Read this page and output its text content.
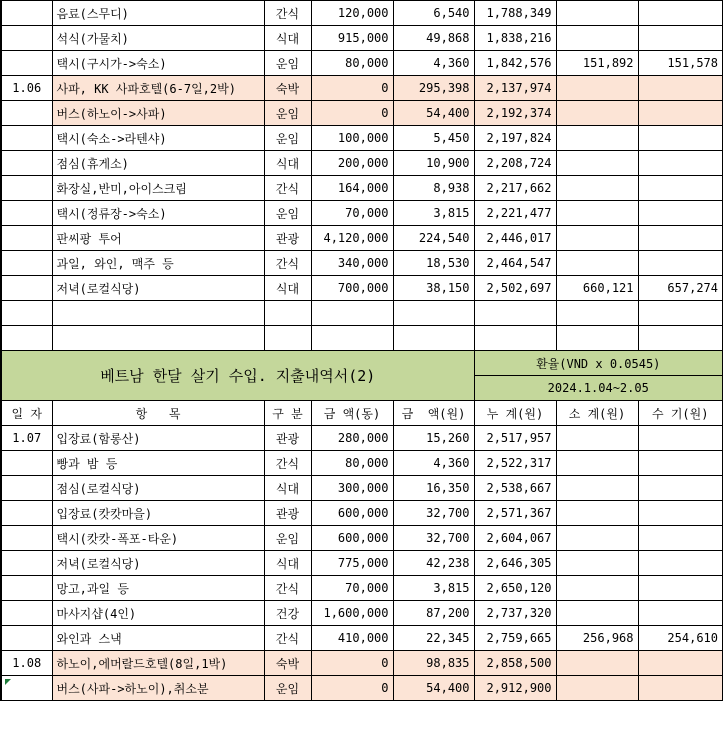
	음료(스무디)	간식	120,000	6,540	1,788,349		
	석식(가물치)	식대	915,000	49,868	1,838,216		
	택시(구시가->숙소)	운임	80,000	4,360	1,842,576	151,892	151,578
1.06	사파, KK 사파호텔(6-7일,2박)	숙박	0	295,398	2,137,974		
	버스(하노이->사파)	운임	0	54,400	2,192,374		
	택시(숙소->라텐샤)	운임	100,000	5,450	2,197,824		
	점심(휴게소)	식대	200,000	10,900	2,208,724		
	화장실,반미,아이스크림	간식	164,000	8,938	2,217,662		
	택시(정류장->숙소)	운임	70,000	3,815	2,221,477		
	판씨팡 투어	관광	4,120,000	224,540	2,446,017		
	과일, 와인, 맥주 등	간식	340,000	18,530	2,464,547		
	저녁(로컬식당)	식대	700,000	38,150	2,502,697	660,121	657,274

베트남 한달 살기 수입. 지출내역서(2)					환율(VND x 0.0545)		
					2024.1.04~2.05		
일 자	항   목	구 분	금 액(동)	금  액(원)	누 계(원)	소 계(원)	수 기(원)
1.07	입장료(함롱산)	관광	280,000	15,260	2,517,957		
	빵과 밤 등	간식	80,000	4,360	2,522,317		
	점심(로컬식당)	식대	300,000	16,350	2,538,667		
	입장료(캇캇마을)	관광	600,000	32,700	2,571,367		
	택시(캇캇-폭포-타운)	운임	600,000	32,700	2,604,067		
	저녁(로컬식당)	식대	775,000	42,238	2,646,305		
	망고,과일 등	간식	70,000	3,815	2,650,120		
	마사지샵(4인)	건강	1,600,000	87,200	2,737,320		
	와인과 스낵	간식	410,000	22,345	2,759,665	256,968	254,610
1.08	하노이,에머랄드호텔(8일,1박)	숙박	0	98,835	2,858,500		
	버스(사파->하노이),취소분	운임	0	54,400	2,912,900		
